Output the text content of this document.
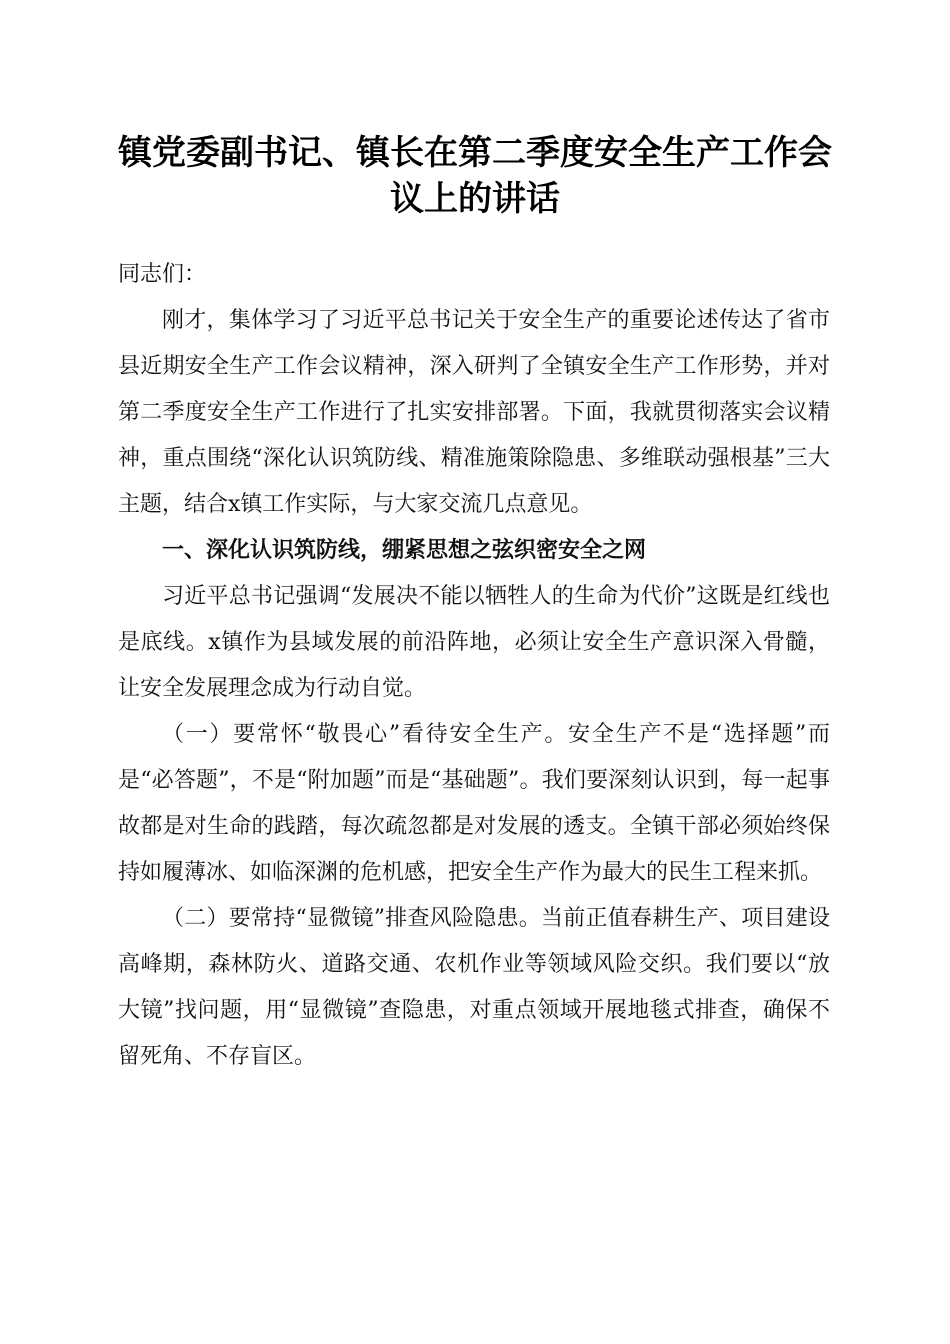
镇党委副书记、镇长在第二季度安全生产工作会议上的讲话

同志们：

刚才，集体学习了习近平总书记关于安全生产的重要论述传达了省市县近期安全生产工作会议精神，深入研判了全镇安全生产工作形势，并对第二季度安全生产工作进行了扎实安排部署。下面，我就贯彻落实会议精神，重点围绕“深化认识筑防线、精准施策除隐患、多维联动强根基”三大主题，结合x镇工作实际，与大家交流几点意见。

一、深化认识筑防线，绷紧思想之弦织密安全之网

习近平总书记强调“发展决不能以牺牲人的生命为代价”这既是红线也是底线。x镇作为县域发展的前沿阵地，必须让安全生产意识深入骨髓，让安全发展理念成为行动自觉。

（一）要常怀“敬畏心”看待安全生产。安全生产不是“选择题”而是“必答题”，不是“附加题”而是“基础题”。我们要深刻认识到，每一起事故都是对生命的践踏，每次疏忽都是对发展的透支。全镇干部必须始终保持如履薄冰、如临深渊的危机感，把安全生产作为最大的民生工程来抓。

（二）要常持“显微镜”排查风险隐患。当前正值春耕生产、项目建设高峰期，森林防火、道路交通、农机作业等领域风险交织。我们要以“放大镜”找问题，用“显微镜”查隐患，对重点领域开展地毯式排查，确保不留死角、不存盲区。
